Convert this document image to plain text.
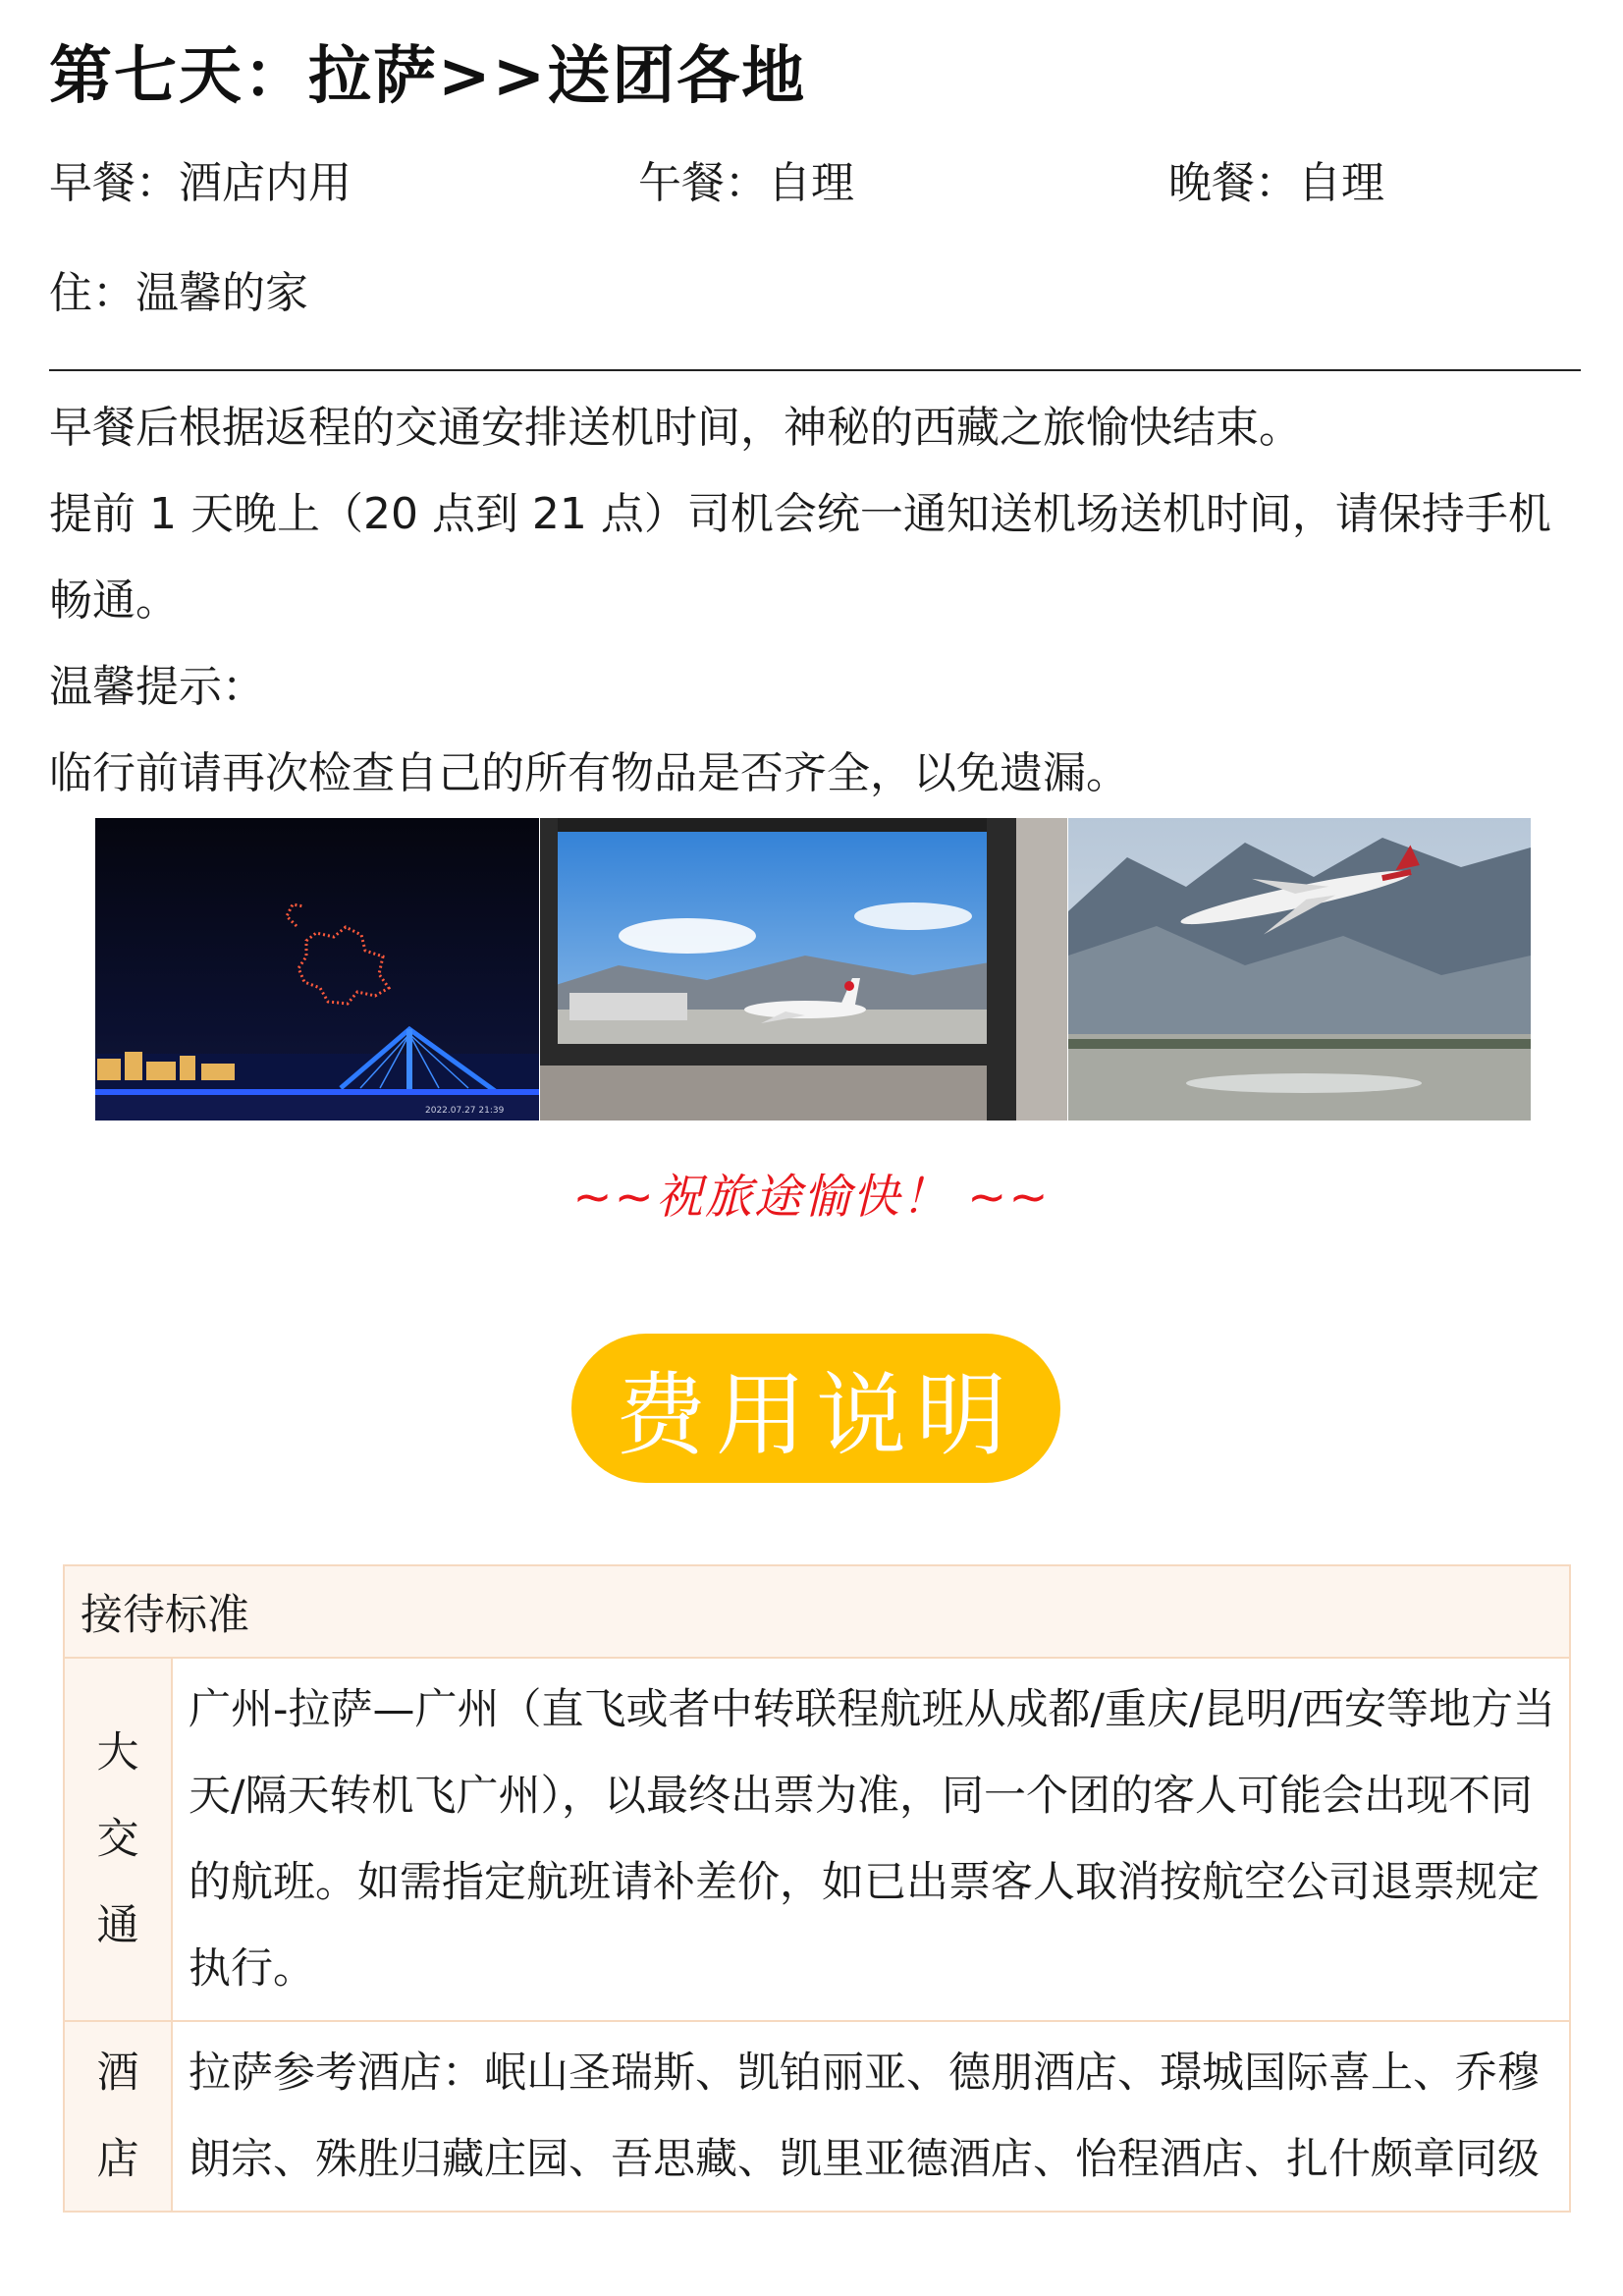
第七天：拉萨>>送团各地
早餐：酒店内用	午餐：自理	晚餐：自理
住：温馨的家

早餐后根据返程的交通安排送机时间，神秘的西藏之旅愉快结束。

提前 1 天晚上（20 点到 21 点）司机会统一通知送机场送机时间，请保持手机畅通。

温馨提示：

临行前请再次检查自己的所有物品是否齐全，以免遗漏。

2022.07.27 21:39
~~祝旅途愉快！ ~~
费用说明
接待标准	

大
交
通	广州-拉萨—广州（直飞或者中转联程航班从成都/重庆/昆明/西安等地方当天/隔天转机飞广州），以最终出票为准，同一个团的客人可能会出现不同的航班。如需指定航班请补差价，如已出票客人取消按航空公司退票规定执行。

酒
店	拉萨参考酒店：岷山圣瑞斯、凯铂丽亚、德朋酒店、璟城国际喜上、乔穆朗宗、殊胜归藏庄园、吾思藏、凯里亚德酒店、怡程酒店、扎什颇章同级
